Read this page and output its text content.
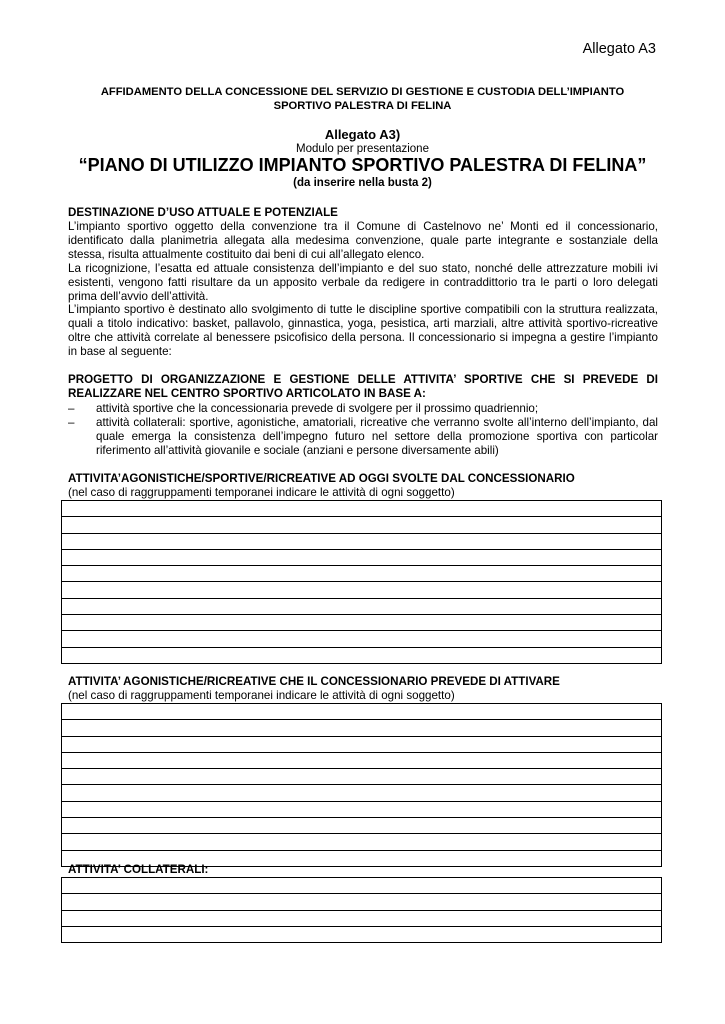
Allegato A3
AFFIDAMENTO DELLA CONCESSIONE DEL SERVIZIO DI GESTIONE E CUSTODIA DELL’IMPIANTO
SPORTIVO PALESTRA DI FELINA
Allegato A3)
Modulo per presentazione
“PIANO DI UTILIZZO IMPIANTO SPORTIVO PALESTRA DI FELINA”
(da inserire nella busta 2)
DESTINAZIONE D’USO ATTUALE E POTENZIALE

L’impianto sportivo oggetto della convenzione tra il Comune di Castelnovo ne’ Monti ed il concessionario, identificato dalla planimetria allegata alla medesima convenzione, quale parte integrante e sostanziale della stessa, risulta attualmente costituito dai beni di cui all’allegato elenco.

La ricognizione, l’esatta ed attuale consistenza dell’impianto e del suo stato, nonché delle attrezzature mobili ivi esistenti, vengono fatti risultare da un apposito verbale da redigere in contraddittorio tra le parti o loro delegati prima dell’avvio dell’attività.

L’impianto sportivo è destinato allo svolgimento di tutte le discipline sportive compatibili con la struttura realizzata, quali a titolo indicativo: basket, pallavolo, ginnastica, yoga, pesistica, arti marziali, altre attività sportivo-ricreative oltre che attività correlate al benessere psicofisico della persona. Il concessionario si impegna a gestire l’impianto in base al seguente:

PROGETTO DI ORGANIZZAZIONE E GESTIONE DELLE ATTIVITA’ SPORTIVE CHE SI PREVEDE DI REALIZZARE NEL CENTRO SPORTIVO ARTICOLATO IN BASE A:
– attività sportive che la concessionaria prevede di svolgere per il prossimo quadriennio;
– attività collaterali: sportive, agonistiche, amatoriali, ricreative che verranno svolte all’interno dell’impianto, dal quale emerga la consistenza dell’impegno futuro nel settore della promozione sportiva con particolar riferimento all’attività giovanile e sociale (anziani e persone diversamente abili)
ATTIVITA’AGONISTICHE/SPORTIVE/RICREATIVE AD OGGI SVOLTE DAL CONCESSIONARIO
(nel caso di raggruppamenti temporanei indicare le attività di ogni soggetto)

ATTIVITA’ AGONISTICHE/RICREATIVE CHE IL CONCESSIONARIO PREVEDE DI ATTIVARE
(nel caso di raggruppamenti temporanei indicare le attività di ogni soggetto)

ATTIVITA’ COLLATERALI:
